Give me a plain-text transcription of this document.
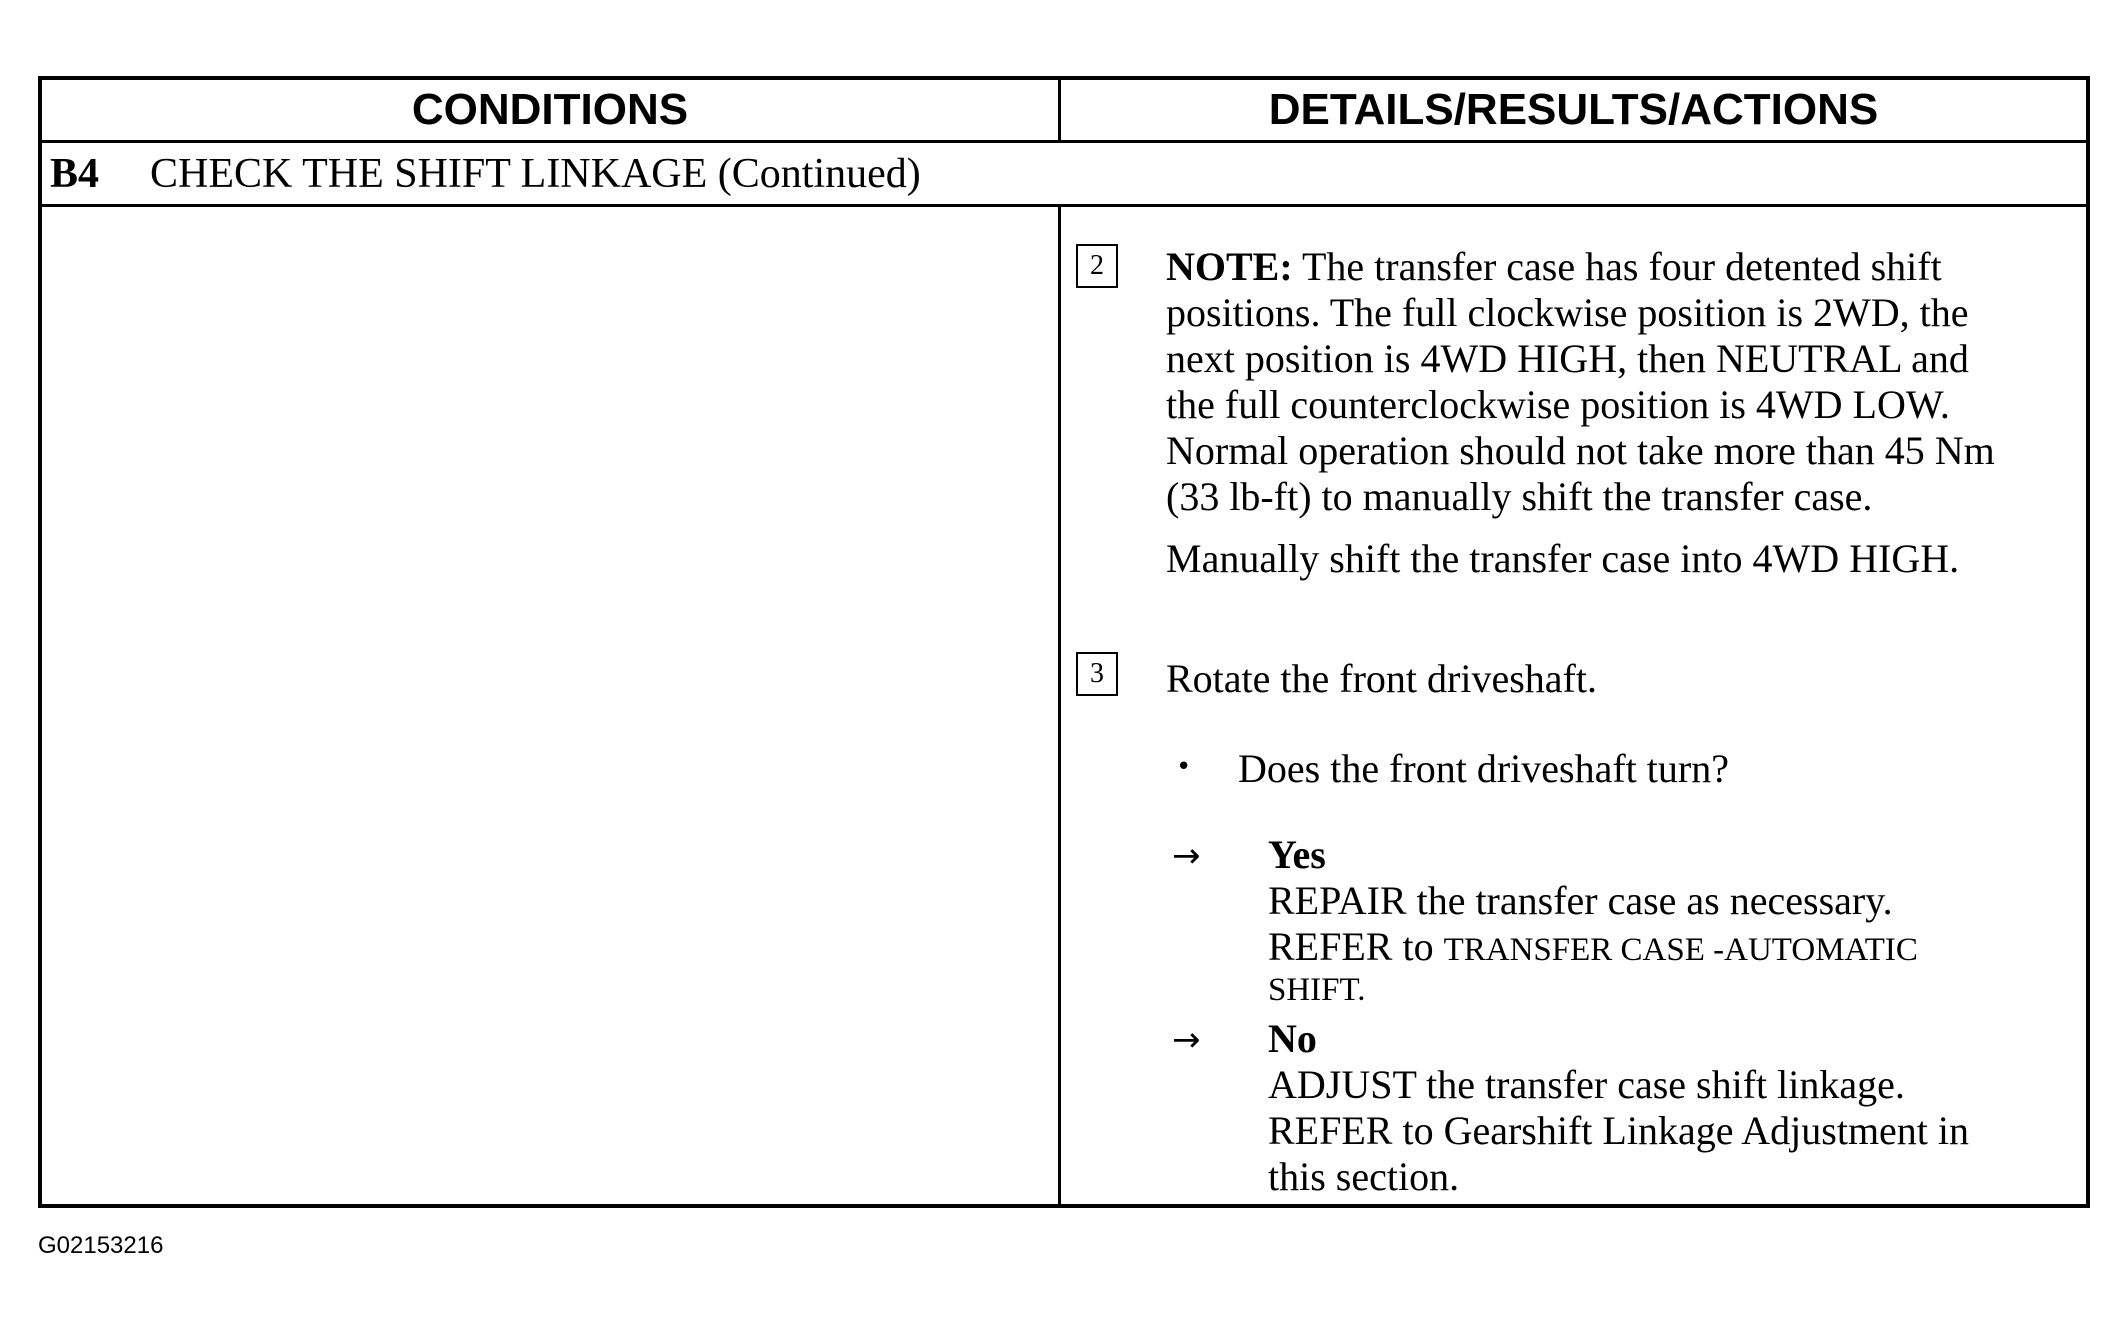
CONDITIONS	DETAILS/RESULTS/ACTIONS
B4	CHECK THE SHIFT LINKAGE (Continued)
2	NOTE: The transfer case has four detented shift
positions. The full clockwise position is 2WD, the
next position is 4WD HIGH, then NEUTRAL and
the full counterclockwise position is 4WD LOW.
Normal operation should not take more than 45 Nm
(33 lb-ft) to manually shift the transfer case.
Manually shift the transfer case into 4WD HIGH.
3	Rotate the front driveshaft.
• Does the front driveshaft turn?
→ Yes
REPAIR the transfer case as necessary.
REFER to TRANSFER CASE -AUTOMATIC
SHIFT.
→ No
ADJUST the transfer case shift linkage.
REFER to Gearshift Linkage Adjustment in
this section.
G02153216
